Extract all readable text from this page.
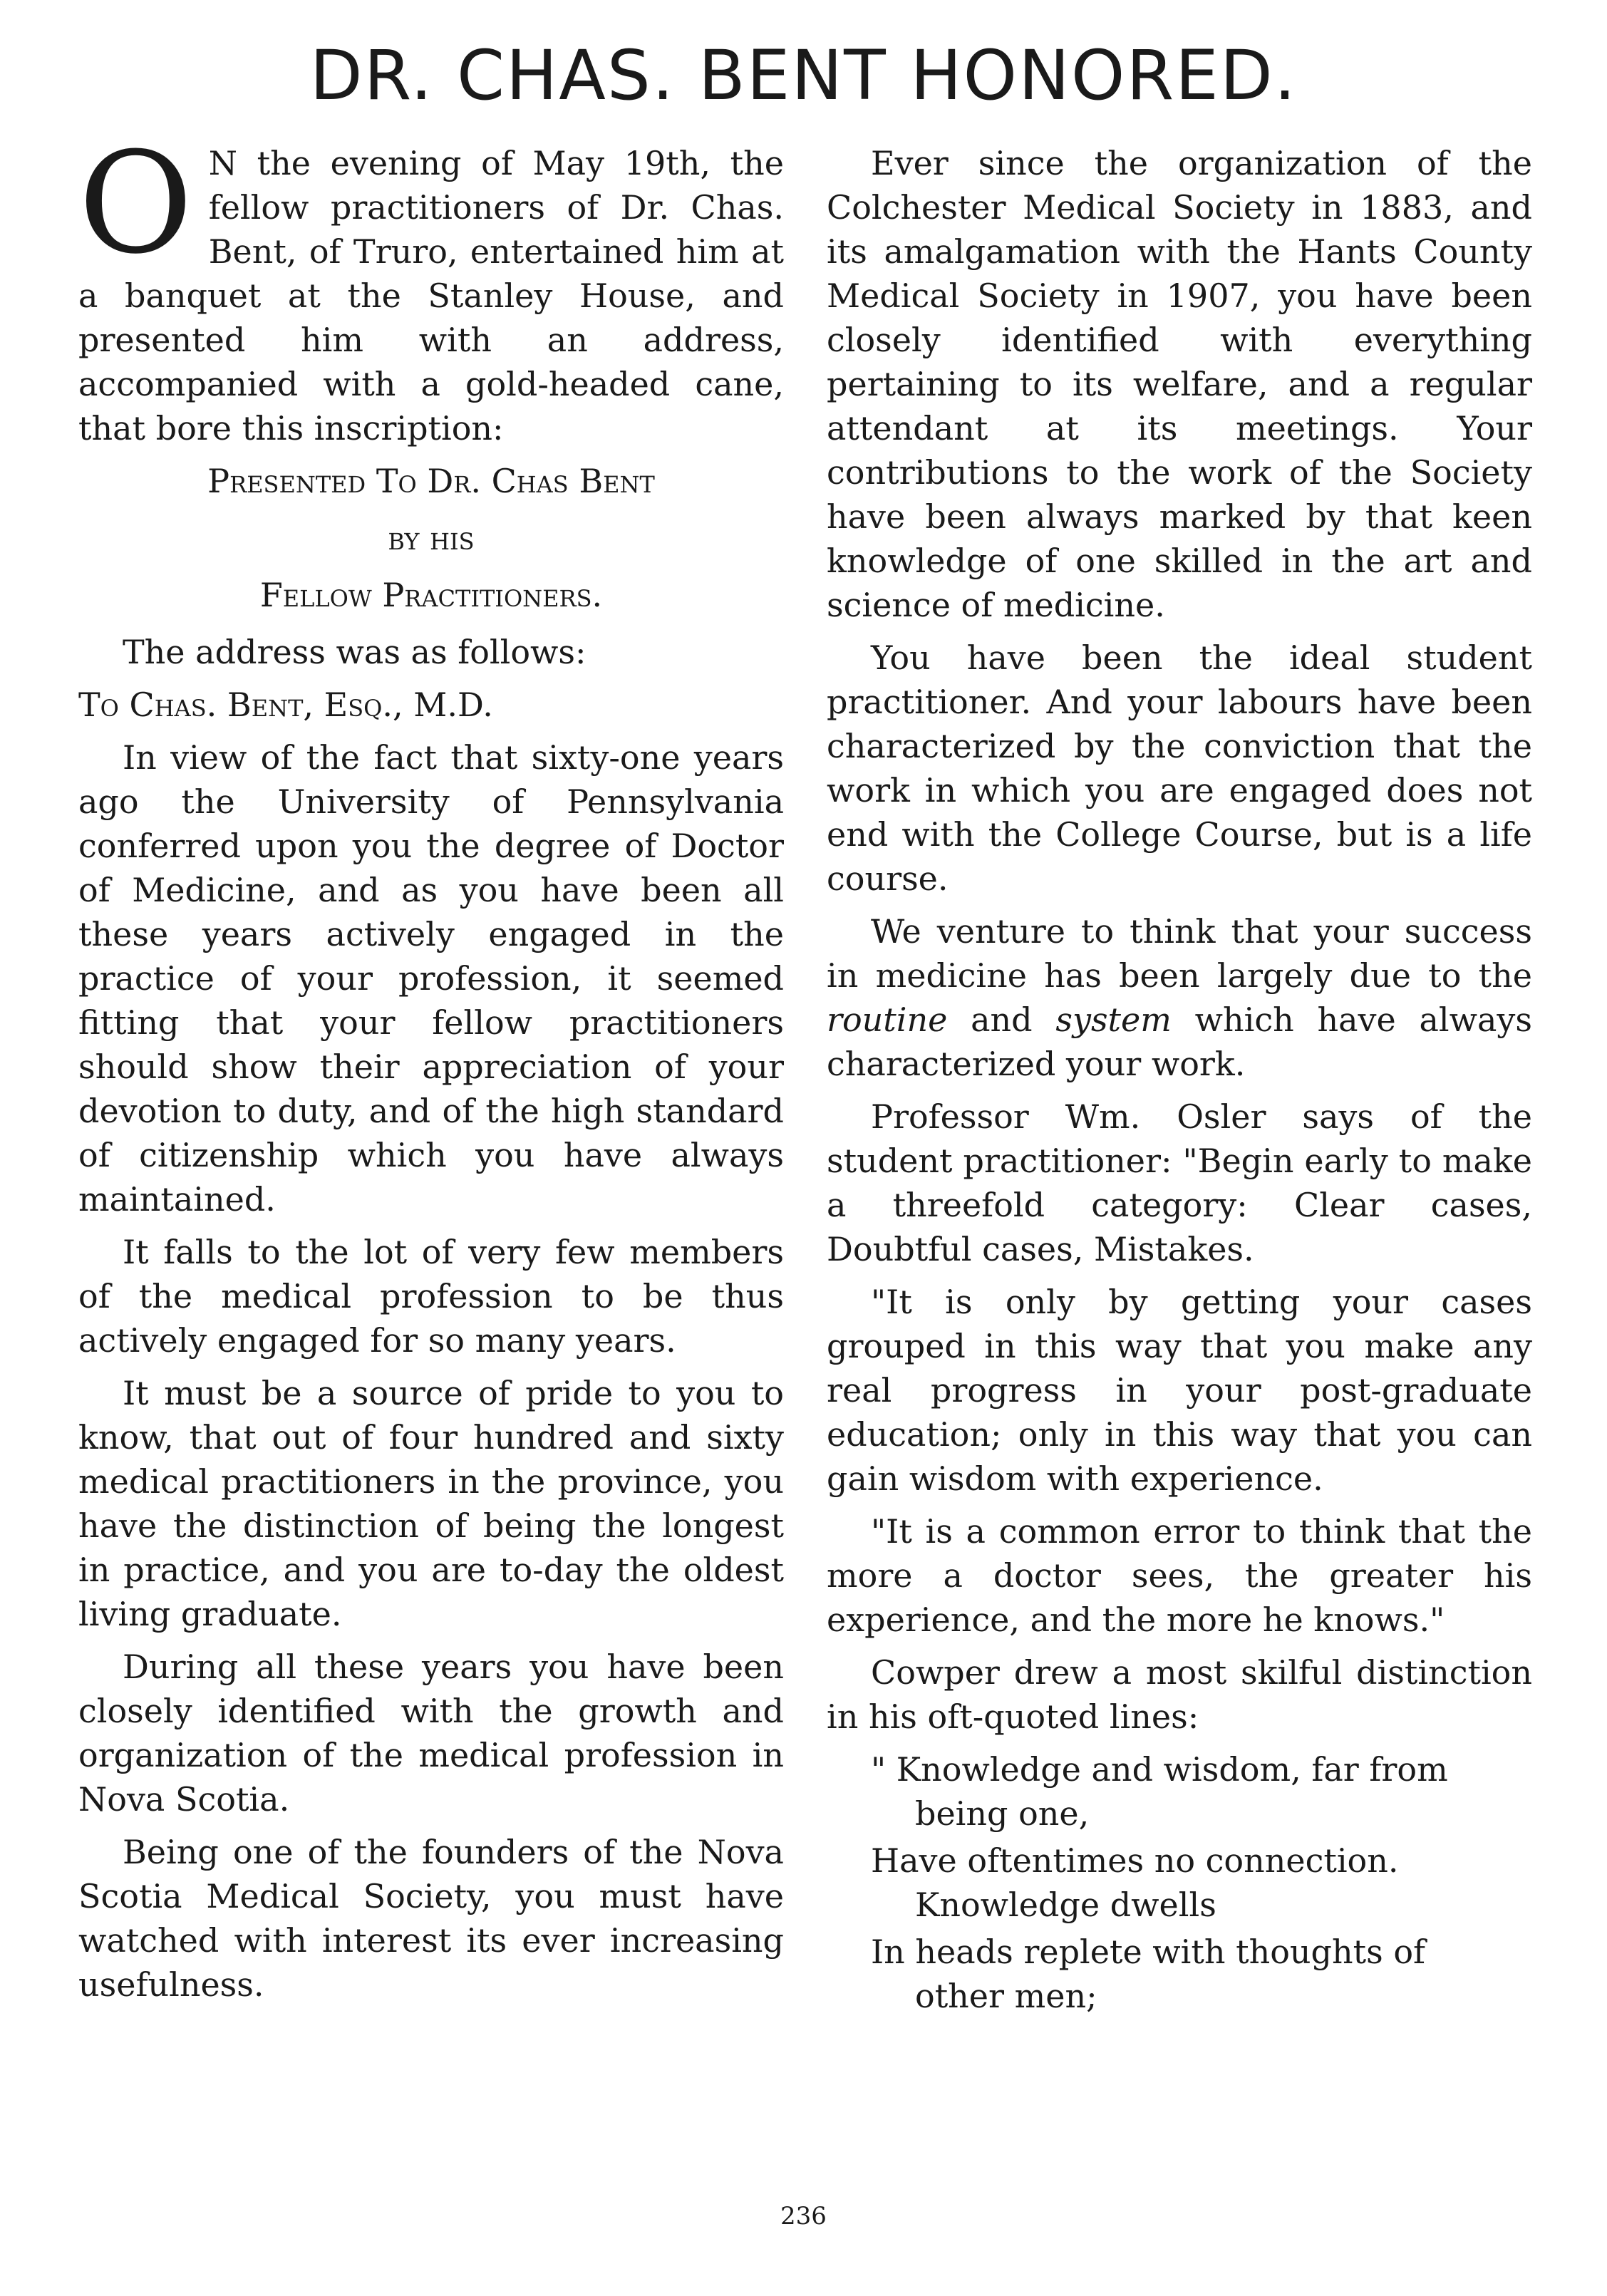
DR. CHAS. BENT HONORED.

O N the evening of May 19th, the fellow practitioners of Dr. Chas. Bent, of Truro, entertained him at a banquet at the Stanley House, and presented him with an address, accompanied with a gold-headed cane, that bore this inscription:

Presented To Dr. Chas Bent

by his

Fellow Practitioners.

The address was as follows:

To Chas. Bent, Esq., M.D.

In view of the fact that sixty-one years ago the University of Pennsylvania conferred upon you the degree of Doctor of Medicine, and as you have been all these years actively engaged in the practice of your profession, it seemed fitting that your fellow practitioners should show their appreciation of your devotion to duty, and of the high standard of citizenship which you have always maintained.

It falls to the lot of very few members of the medical profession to be thus actively engaged for so many years.

It must be a source of pride to you to know, that out of four hundred and sixty medical practitioners in the province, you have the distinction of being the longest in practice, and you are to-day the oldest living graduate.

During all these years you have been closely identified with the growth and organization of the medical profession in Nova Scotia.

Being one of the founders of the Nova Scotia Medical Society, you must have watched with interest its ever increasing usefulness.

Ever since the organization of the Colchester Medical Society in 1883, and its amalgamation with the Hants County Medical Society in 1907, you have been closely identified with everything pertaining to its welfare, and a regular attendant at its meetings. Your contributions to the work of the Society have been always marked by that keen knowledge of one skilled in the art and science of medicine.

You have been the ideal student practitioner. And your labours have been characterized by the conviction that the work in which you are engaged does not end with the College Course, but is a life course.

We venture to think that your success in medicine has been largely due to the routine and system which have always characterized your work.

Professor Wm. Osler says of the student practitioner: "Begin early to make a threefold category: Clear cases, Doubtful cases, Mistakes.

"It is only by getting your cases grouped in this way that you make any real progress in your post-graduate education; only in this way that you can gain wisdom with experience.

"It is a common error to think that the more a doctor sees, the greater his experience, and the more he knows."

Cowper drew a most skilful distinction in his oft-quoted lines:

" Knowledge and wisdom, far from
being one,

Have oftentimes no connection.
Knowledge dwells

In heads replete with thoughts of
other men;

236
